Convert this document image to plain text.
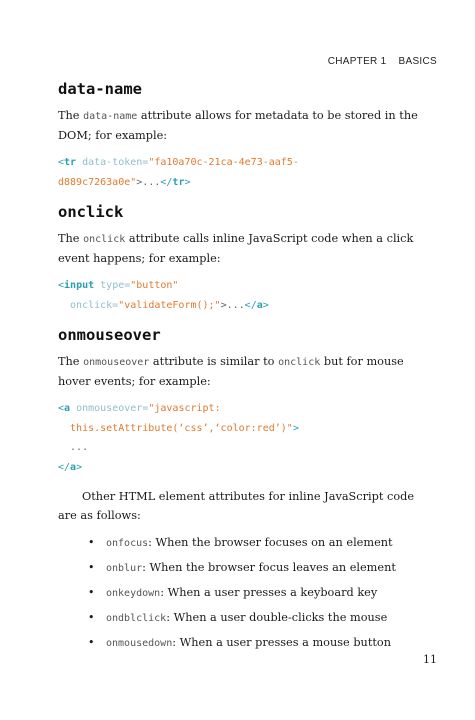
CHAPTER 1 BASICS
data-name

The data-name attribute allows for metadata to be stored in the DOM; for example:

<tr data-token="fa10a70c-21ca-4e73-aaf5-
d889c7263a0e">...</tr>
onclick

The onclick attribute calls inline JavaScript code when a click event happens; for example:

<input type="button"
onclick="validateForm();">...</a>
onmouseover

The onmouseover attribute is similar to onclick but for mouse hover events; for example:

<a onmouseover="javascript:
this.setAttribute(‘css’,‘color:red’)">
...
</a>

Other HTML element attributes for inline JavaScript code are as follows:

• onfocus: When the browser focuses on an element
• onblur: When the browser focus leaves an element
• onkeydown: When a user presses a keyboard key
• ondblclick: When a user double-clicks the mouse
• onmousedown: When a user presses a mouse button
11
